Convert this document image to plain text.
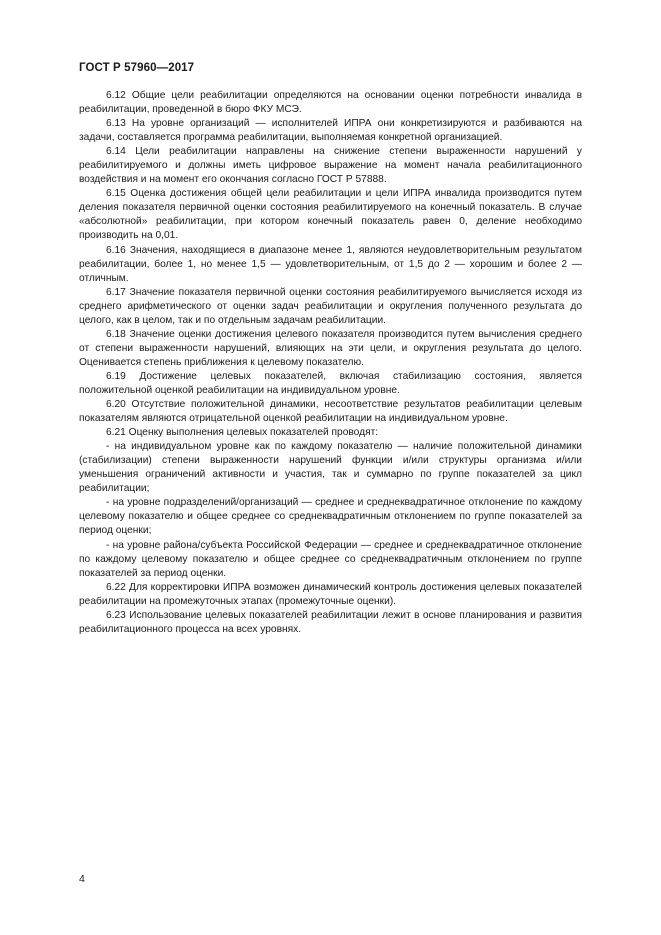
ГОСТ Р 57960—2017

6.12 Общие цели реабилитации определяются на основании оценки потребности инвалида в реабилитации, проведенной в бюро ФКУ МСЭ.

6.13 На уровне организаций — исполнителей ИПРА они конкретизируются и разбиваются на задачи, составляется программа реабилитации, выполняемая конкретной организацией.

6.14 Цели реабилитации направлены на снижение степени выраженности нарушений у реабилитируемого и должны иметь цифровое выражение на момент начала реабилитационного воздействия и на момент его окончания согласно ГОСТ Р 57888.

6.15 Оценка достижения общей цели реабилитации и цели ИПРА инвалида производится путем деления показателя первичной оценки состояния реабилитируемого на конечный показатель. В случае «абсолютной» реабилитации, при котором конечный показатель равен 0, деление необходимо производить на 0,01.

6.16 Значения, находящиеся в диапазоне менее 1, являются неудовлетворительным результатом реабилитации, более 1, но менее 1,5 — удовлетворительным, от 1,5 до 2 — хорошим и более 2 — отличным.

6.17 Значение показателя первичной оценки состояния реабилитируемого вычисляется исходя из среднего арифметического от оценки задач реабилитации и округления полученного результата до целого, как в целом, так и по отдельным задачам реабилитации.

6.18 Значение оценки достижения целевого показателя производится путем вычисления среднего от степени выраженности нарушений, влияющих на эти цели, и округления результата до целого. Оценивается степень приближения к целевому показателю.

6.19 Достижение целевых показателей, включая стабилизацию состояния, является положительной оценкой реабилитации на индивидуальном уровне.

6.20 Отсутствие положительной динамики, несоответствие результатов реабилитации целевым показателям являются отрицательной оценкой реабилитации на индивидуальном уровне.

6.21 Оценку выполнения целевых показателей проводят:

- на индивидуальном уровне как по каждому показателю — наличие положительной динамики (стабилизации) степени выраженности нарушений функции и/или структуры организма и/или уменьшения ограничений активности и участия, так и суммарно по группе показателей за цикл реабилитации;

- на уровне подразделений/организаций — среднее и среднеквадратичное отклонение по каждому целевому показателю и общее среднее со среднеквадратичным отклонением по группе показателей за период оценки;

- на уровне района/субъекта Российской Федерации — среднее и среднеквадратичное отклонение по каждому целевому показателю и общее среднее со среднеквадратичным отклонением по группе показателей за период оценки.

6.22 Для корректировки ИПРА возможен динамический контроль достижения целевых показателей реабилитации на промежуточных этапах (промежуточные оценки).

6.23 Использование целевых показателей реабилитации лежит в основе планирования и развития реабилитационного процесса на всех уровнях.

4
